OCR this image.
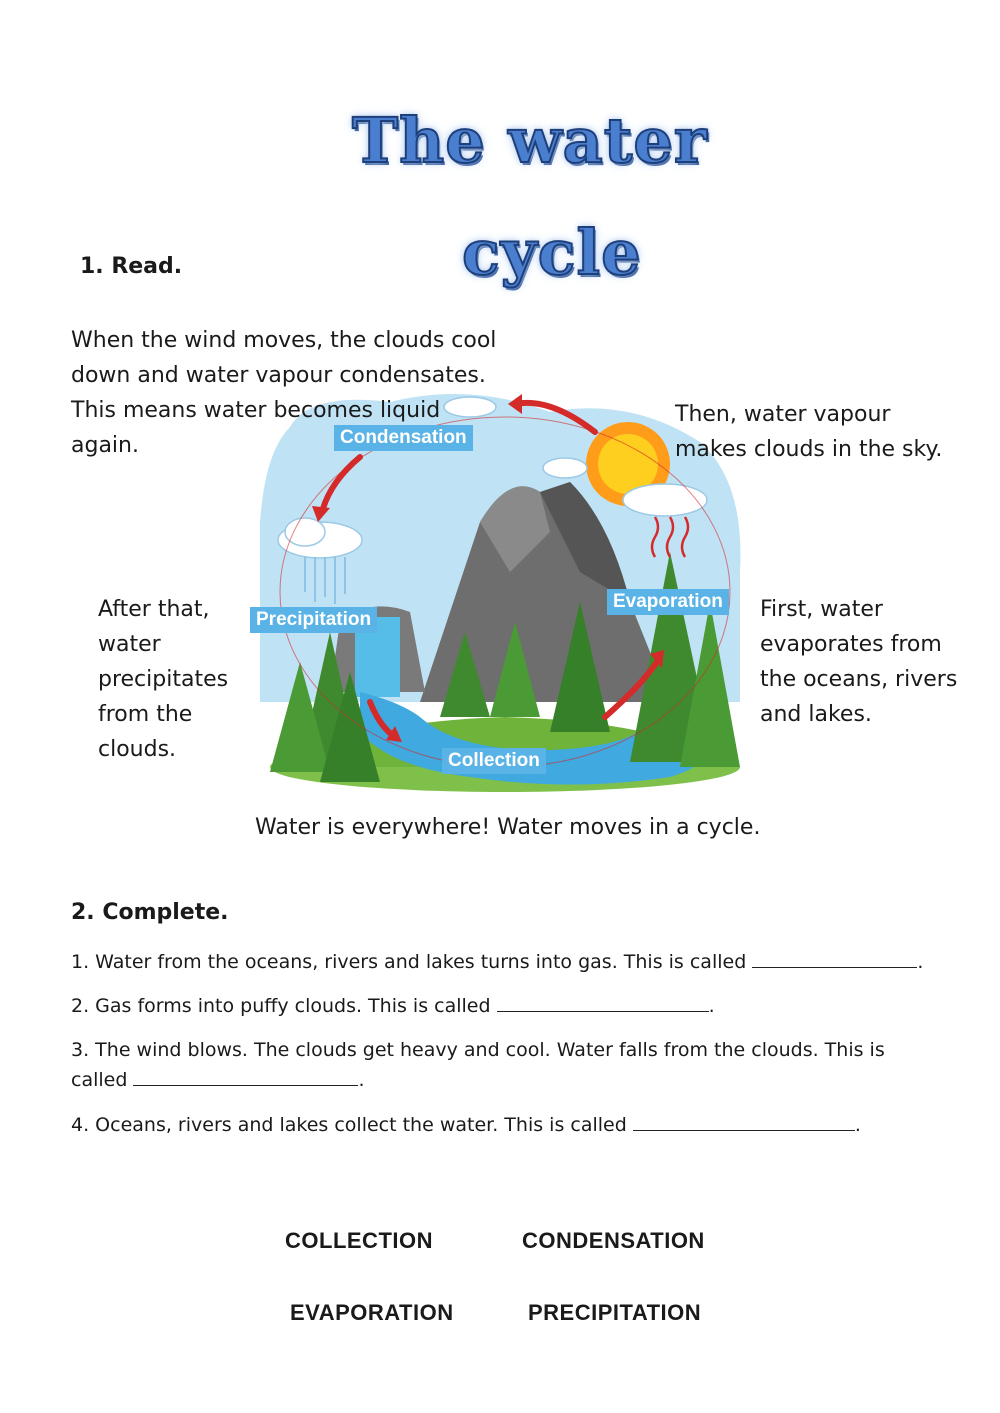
The water
cycle
1. Read.
Condensation
Precipitation
Evaporation
Collection
When the wind moves, the clouds cool down and water vapour condensates. This means water becomes liquid again.
Then, water vapour makes clouds in the sky.
After that, water precipitates from the clouds.
First, water evaporates from the oceans, rivers and lakes.
Water is everywhere! Water moves in a cycle.
2. Complete.
1. Water from the oceans, rivers and lakes turns into gas. This is called	.
2. Gas forms into puffy clouds. This is called	.
3. The wind blows. The clouds get heavy and cool. Water falls from the clouds. This is
called	.
4. Oceans, rivers and lakes collect the water. This is called	.
COLLECTION	CONDENSATION
EVAPORATION	PRECIPITATION
